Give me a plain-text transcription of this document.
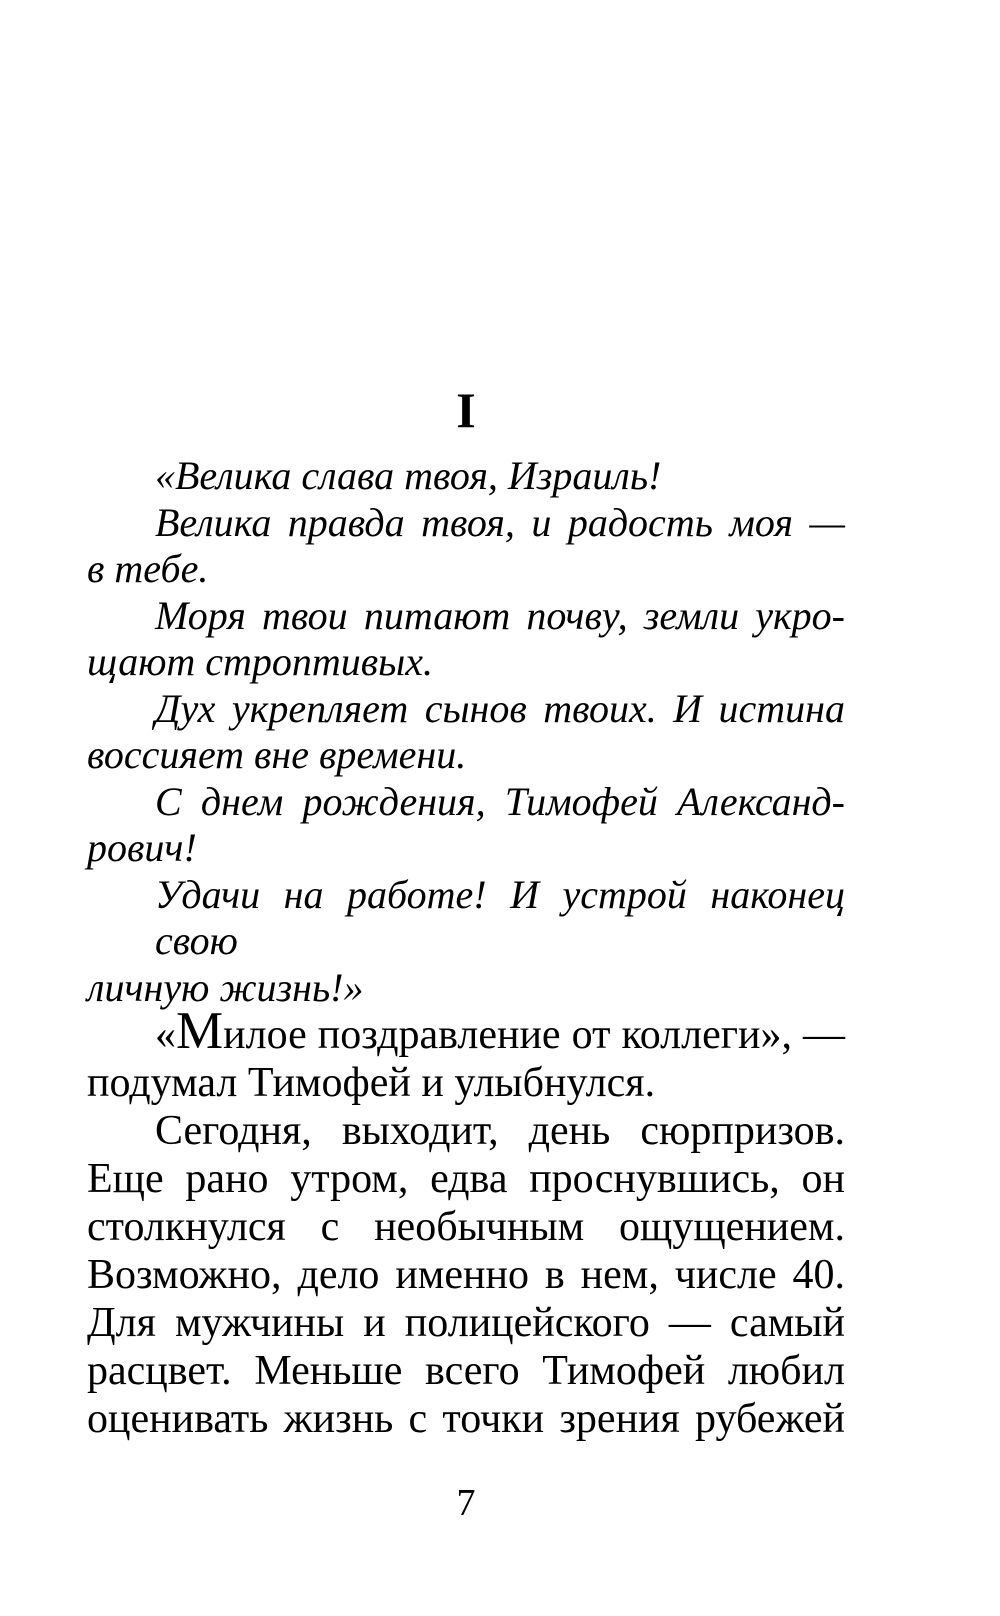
I
«Велика слава твоя, Израиль!
Велика правда твоя, и радость моя —
в тебе.
Моря твои питают почву, земли укро-
щают строптивых.
Дух укрепляет сынов твоих. И истина
воссияет вне времени.
С днем рождения, Тимофей Александ-
рович!
Удачи на работе! И устрой наконец свою
личную жизнь!»
«Милое поздравление от коллеги», —
подумал Тимофей и улыбнулся.
Сегодня, выходит, день сюрпризов.
Еще рано утром, едва проснувшись, он
столкнулся с необычным ощущением.
Возможно, дело именно в нем, числе 40.
Для мужчины и полицейского — самый
расцвет. Меньше всего Тимофей любил
оценивать жизнь с точки зрения рубежей
7
